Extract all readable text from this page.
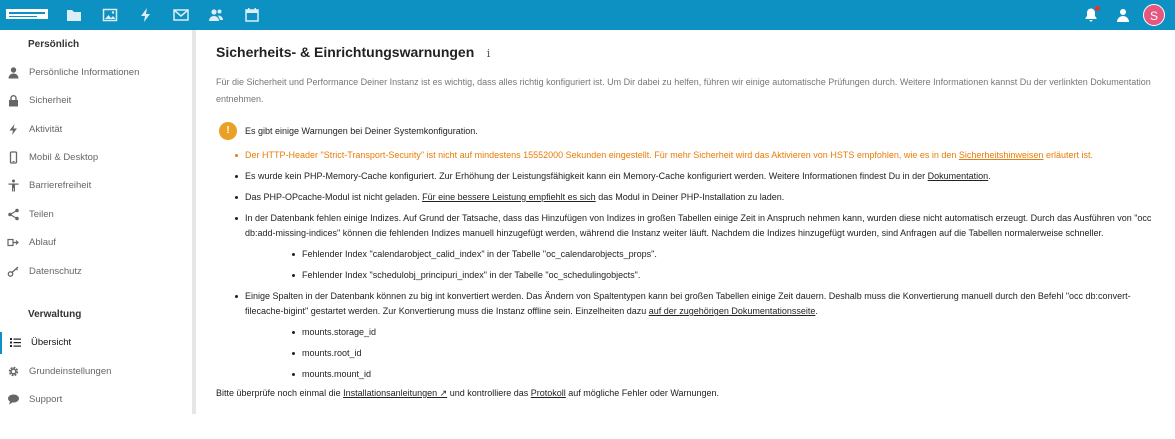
S
Persönlich
Persönliche Informationen
Sicherheit
Aktivität
Mobil & Desktop
Barrierefreiheit
Teilen
Ablauf
Datenschutz
Verwaltung
Übersicht
Grundeinstellungen
Support
Sicherheits- & Einrichtungswarnungen i

Für die Sicherheit und Performance Deiner Instanz ist es wichtig, dass alles richtig konfiguriert ist. Um Dir dabei zu helfen, führen wir einige automatische Prüfungen durch. Weitere Informationen kannst Du der verlinkten Dokumentation entnehmen.

!	Es gibt einige Warnungen bei Deiner Systemkonfiguration.
Der HTTP-Header "Strict-Transport-Security" ist nicht auf mindestens 15552000 Sekunden eingestellt. Für mehr Sicherheit wird das Aktivieren von HSTS empfohlen, wie es in den Sicherheitshinweisen erläutert ist.
Es wurde kein PHP-Memory-Cache konfiguriert. Zur Erhöhung der Leistungsfähigkeit kann ein Memory-Cache konfiguriert werden. Weitere Informationen findest Du in der Dokumentation.
Das PHP-OPcache-Modul ist nicht geladen. Für eine bessere Leistung empfiehlt es sich das Modul in Deiner PHP-Installation zu laden.
In der Datenbank fehlen einige Indizes. Auf Grund der Tatsache, dass das Hinzufügen von Indizes in großen Tabellen einige Zeit in Anspruch nehmen kann, wurden diese nicht automatisch erzeugt. Durch das Ausführen von "occ db:add-missing-indices" können die fehlenden Indizes manuell hinzugefügt werden, während die Instanz weiter läuft. Nachdem die Indizes hinzugefügt wurden, sind Anfragen auf die Tabellen normalerweise schneller.
Fehlender Index "calendarobject_calid_index" in der Tabelle "oc_calendarobjects_props".
Fehlender Index "schedulobj_principuri_index" in der Tabelle "oc_schedulingobjects".
Einige Spalten in der Datenbank können zu big int konvertiert werden. Das Ändern von Spaltentypen kann bei großen Tabellen einige Zeit dauern. Deshalb muss die Konvertierung manuell durch den Befehl "occ db:convert-filecache-bigint" gestartet werden. Zur Konvertierung muss die Instanz offline sein. Einzelheiten dazu auf der zugehörigen Dokumentationsseite.
mounts.storage_id
mounts.root_id
mounts.mount_id

Bitte überprüfe noch einmal die Installationsanleitungen ↗ und kontrolliere das Protokoll auf mögliche Fehler oder Warnungen.
